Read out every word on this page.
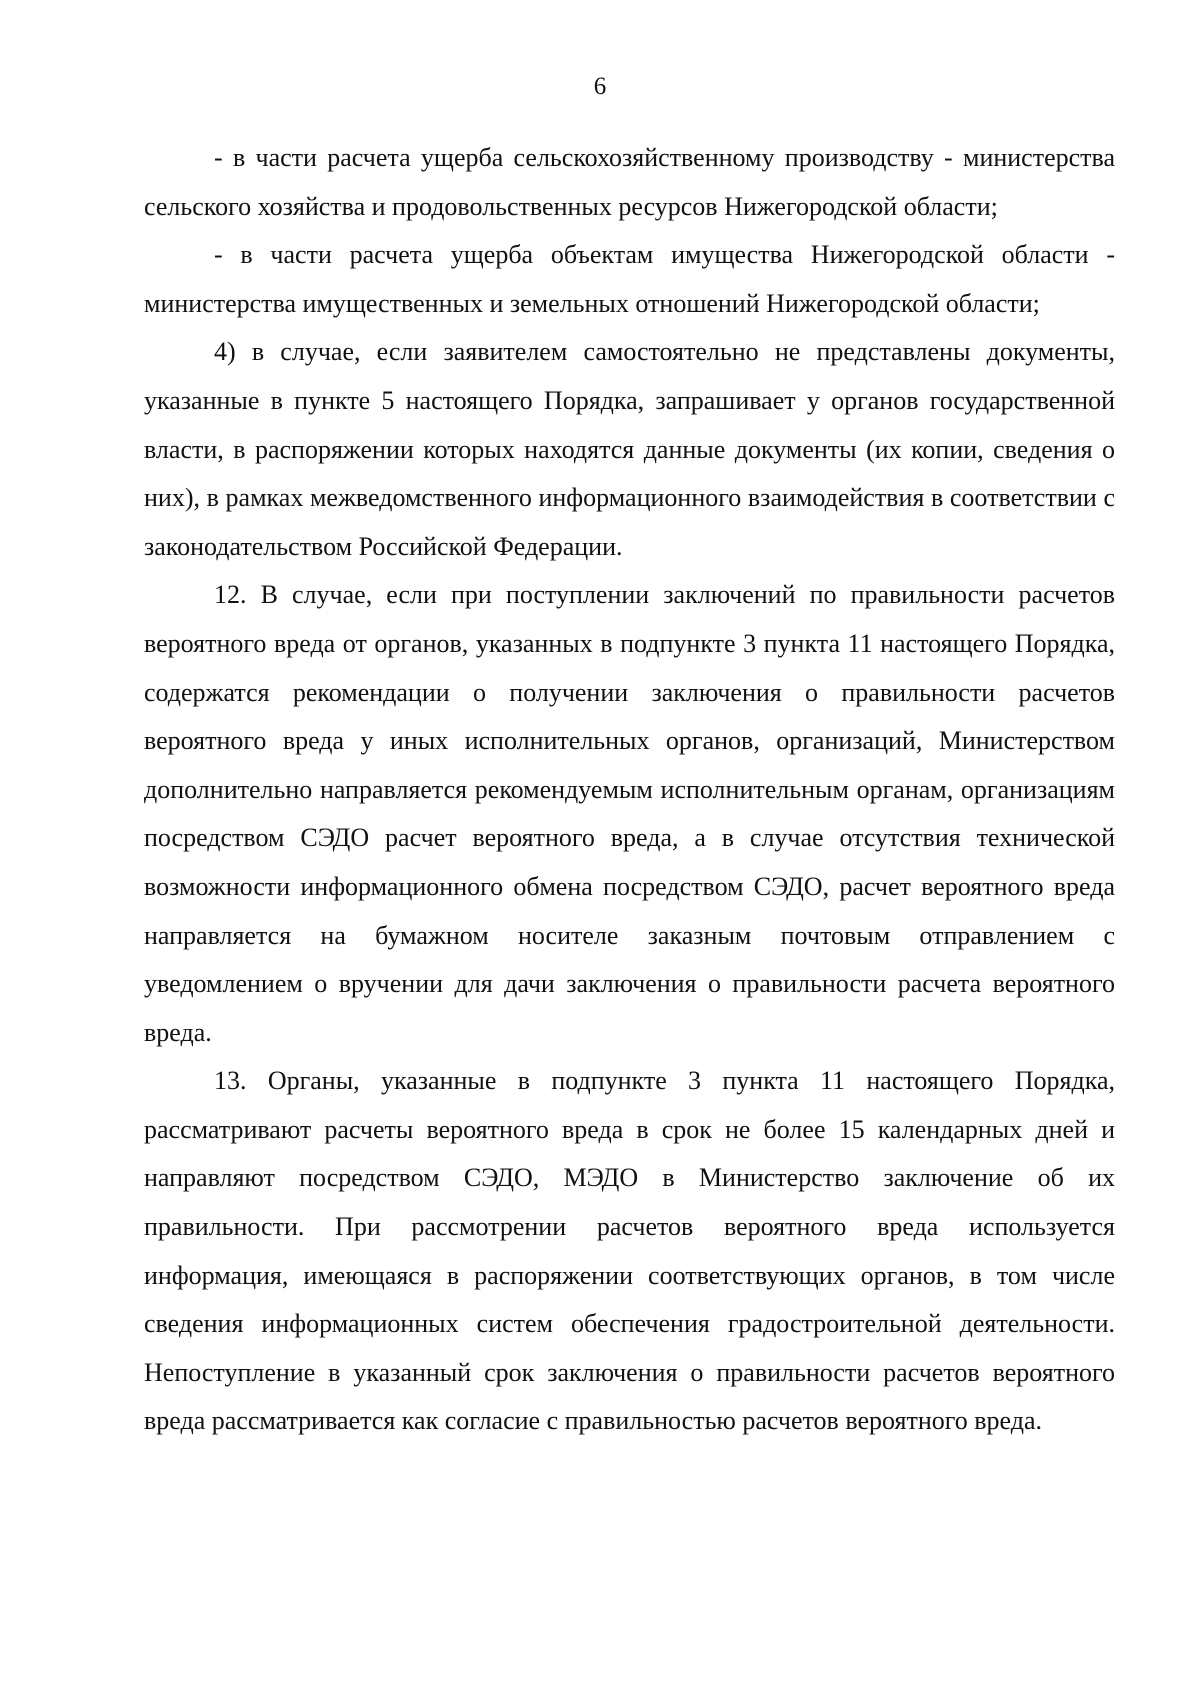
6

- в части расчета ущерба сельскохозяйственному производству - министерства сельского хозяйства и продовольственных ресурсов Нижегородской области;

- в части расчета ущерба объектам имущества Нижегородской области - министерства имущественных и земельных отношений Нижегородской области;

4) в случае, если заявителем самостоятельно не представлены документы, указанные в пункте 5 настоящего Порядка, запрашивает у органов государственной власти, в распоряжении которых находятся данные документы (их копии, сведения о них), в рамках межведомственного информационного взаимодействия в соответствии с законодательством Российской Федерации.

12. В случае, если при поступлении заключений по правильности расчетов вероятного вреда от органов, указанных в подпункте 3 пункта 11 настоящего Порядка, содержатся рекомендации о получении заключения о правильности расчетов вероятного вреда у иных исполнительных органов, организаций, Министерством дополнительно направляется рекомендуемым исполнительным органам, организациям посредством СЭДО расчет вероятного вреда, а в случае отсутствия технической возможности информационного обмена посредством СЭДО, расчет вероятного вреда направляется на бумажном носителе заказным почтовым отправлением с уведомлением о вручении для дачи заключения о правильности расчета вероятного вреда.

13. Органы, указанные в подпункте 3 пункта 11 настоящего Порядка, рассматривают расчеты вероятного вреда в срок не более 15 календарных дней и направляют посредством СЭДО, МЭДО в Министерство заключение об их правильности. При рассмотрении расчетов вероятного вреда используется информация, имеющаяся в распоряжении соответствующих органов, в том числе сведения информационных систем обеспечения градостроительной деятельности. Непоступление в указанный срок заключения о правильности расчетов вероятного вреда рассматривается как согласие с правильностью расчетов вероятного вреда.
